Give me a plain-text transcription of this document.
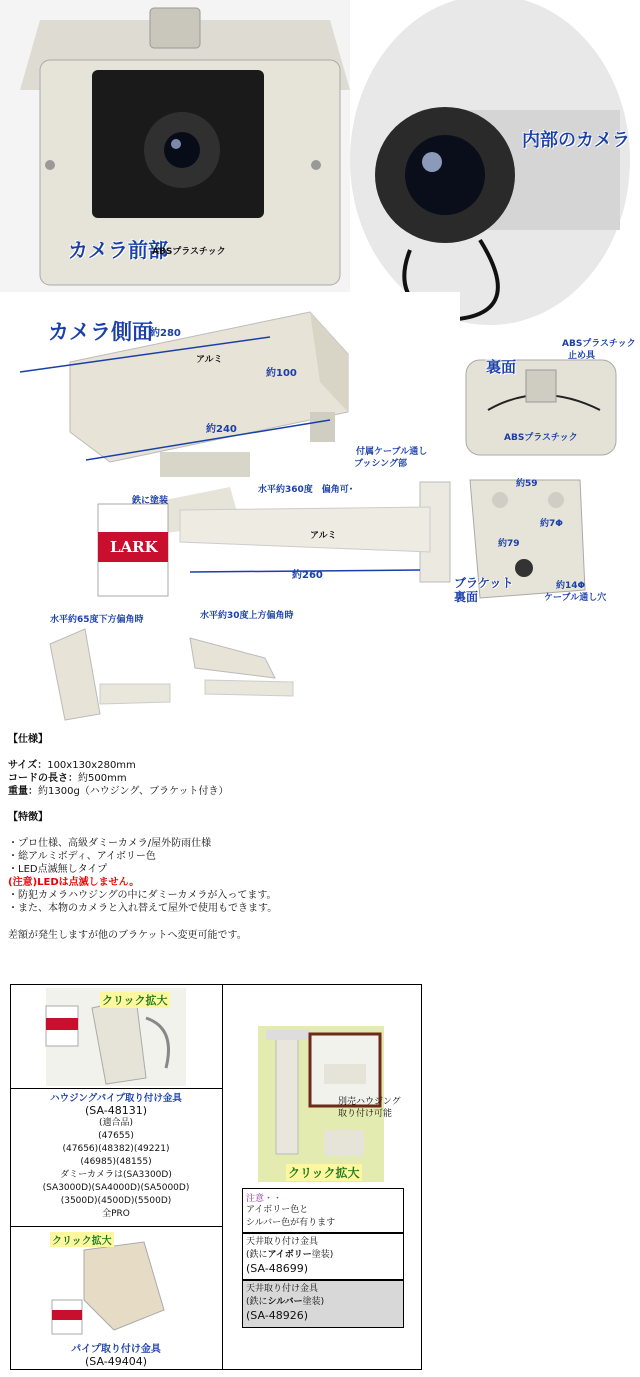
カメラ前部
ABSプラスチック
内部のカメラ
カメラ側面
約280
アルミ
約100
約240
付属ケーブル通し
ブッシング部
水平約360度　偏角可･
鉄に塗装
アルミ
約260
LARK
ABSプラスチック
止め具
裏面
ABSプラスチック
約59
約7Φ
約79
ブラケット
裏面
約14Φ
ケーブル通し穴
水平約65度下方偏角時	水平約30度上方偏角時
【仕様】
サイズ：100x130x280mm
コードの長さ：約500mm
重量：約1300g（ハウジング、ブラケット付き）
【特徴】
・プロ仕様、高級ダミーカメラ/屋外防雨仕様
・総アルミボディ、アイボリー色
・LED点滅無しタイプ
(注意)LEDは点滅しません。
・防犯カメラハウジングの中にダミーカメラが入ってます。
・また、本物のカメラと入れ替えて屋外で使用もできます。
差額が発生しますが他のブラケットへ変更可能です。
クリック拡大
ハウジングパイプ取り付け金具
(SA-48131)
(適合品)
(47655)
(47656)(48382)(49221)
(46985)(48155)
ダミーカメラは(SA3300D)
(SA3000D)(SA4000D)(SA5000D)
(3500D)(4500D)(5500D)
全PRO
クリック拡大
パイプ取り付け金具
(SA-49404)
別売ハウジング
取り付け可能
クリック拡大
注意・・
アイボリー色と
シルバー色が有ります
天井取り付け金具
(鉄にアイボリー塗装)
(SA-48699)
天井取り付け金具
(鉄にシルバー塗装)
(SA-48926)
